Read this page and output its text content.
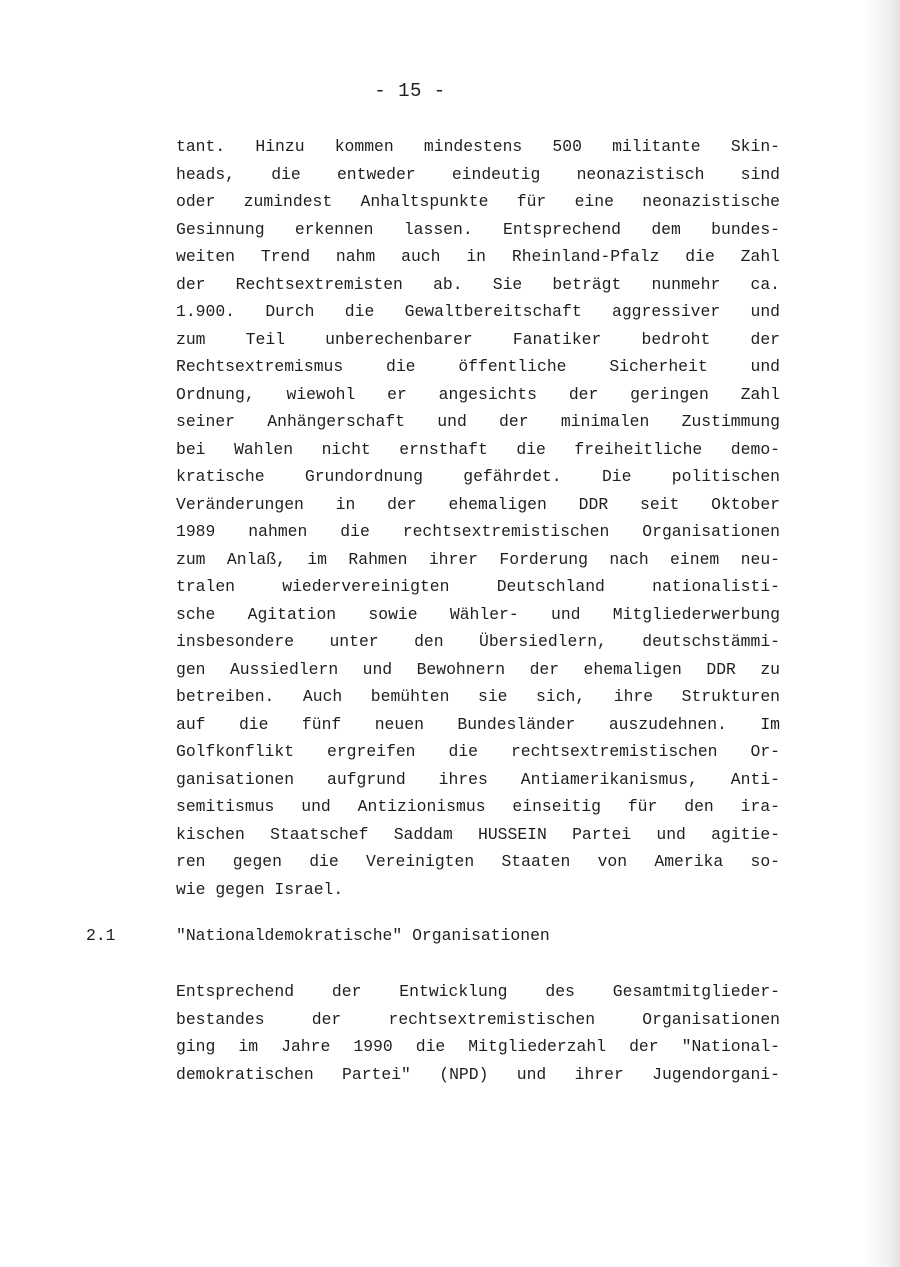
- 15 -
tant. Hinzu kommen mindestens 500 militante Skin-
heads, die entweder eindeutig neonazistisch sind
oder zumindest Anhaltspunkte für eine neonazistische
Gesinnung erkennen lassen. Entsprechend dem bundes-
weiten Trend nahm auch in Rheinland-Pfalz die Zahl
der Rechtsextremisten ab. Sie beträgt nunmehr ca.
1.900. Durch die Gewaltbereitschaft aggressiver und
zum Teil unberechenbarer Fanatiker bedroht der
Rechtsextremismus die öffentliche Sicherheit und
Ordnung, wiewohl er angesichts der geringen Zahl
seiner Anhängerschaft und der minimalen Zustimmung
bei Wahlen nicht ernsthaft die freiheitliche demo-
kratische Grundordnung gefährdet. Die politischen
Veränderungen in der ehemaligen DDR seit Oktober
1989 nahmen die rechtsextremistischen Organisationen
zum Anlaß, im Rahmen ihrer Forderung nach einem neu-
tralen wiedervereinigten Deutschland nationalisti-
sche Agitation sowie Wähler- und Mitgliederwerbung
insbesondere unter den Übersiedlern, deutschstämmi-
gen Aussiedlern und Bewohnern der ehemaligen DDR zu
betreiben. Auch bemühten sie sich, ihre Strukturen
auf die fünf neuen Bundesländer auszudehnen. Im
Golfkonflikt ergreifen die rechtsextremistischen Or-
ganisationen aufgrund ihres Antiamerikanismus, Anti-
semitismus und Antizionismus einseitig für den ira-
kischen Staatschef Saddam HUSSEIN Partei und agitie-
ren gegen die Vereinigten Staaten von Amerika so-
wie gegen Israel.
2.1	"Nationaldemokratische" Organisationen
Entsprechend der Entwicklung des Gesamtmitglieder-
bestandes der rechtsextremistischen Organisationen
ging im Jahre 1990 die Mitgliederzahl der "National-
demokratischen Partei" (NPD) und ihrer Jugendorgani-
